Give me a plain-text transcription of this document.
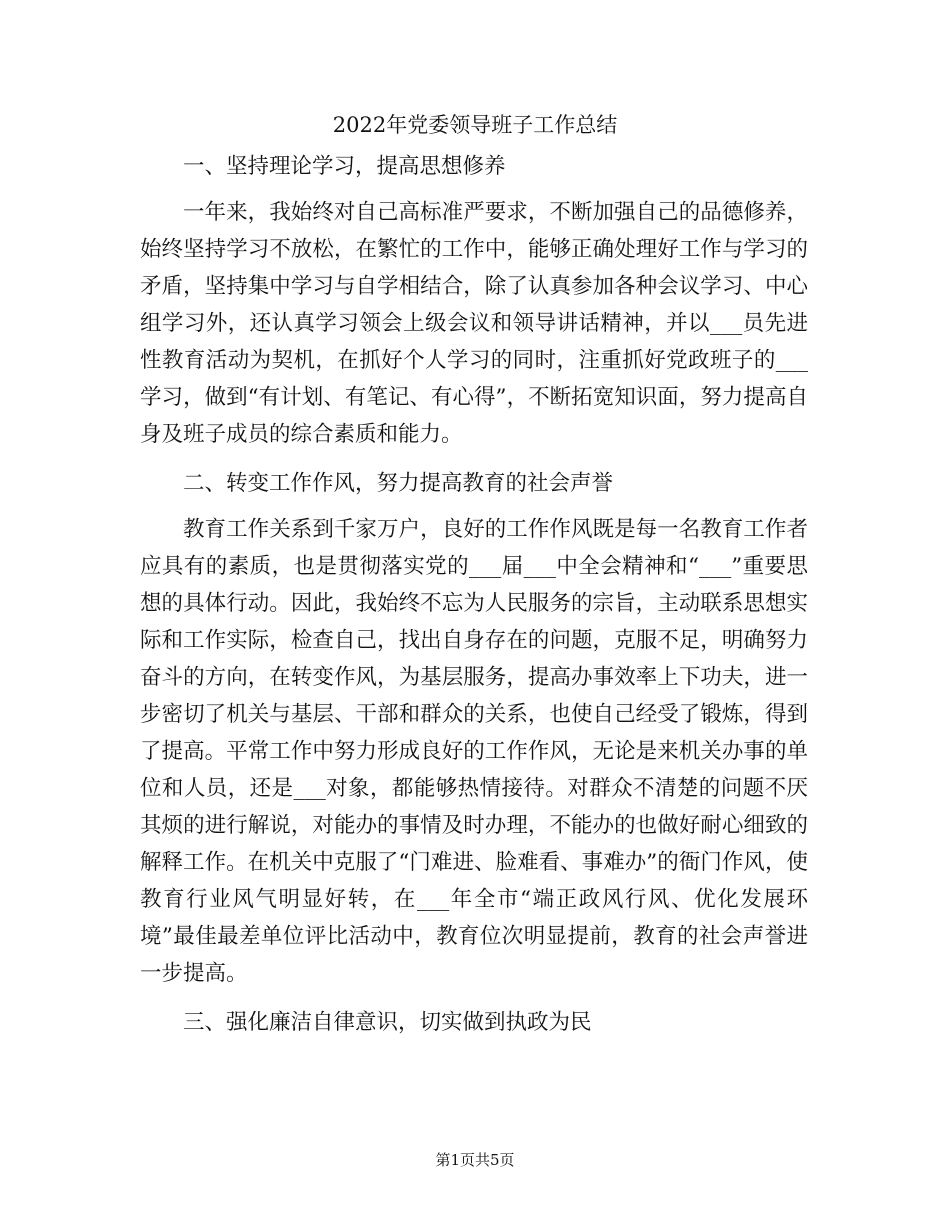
2022年党委领导班子工作总结

一、坚持理论学习，提高思想修养

一年来，我始终对自己高标准严要求，不断加强自己的品德修养，始终坚持学习不放松，在繁忙的工作中，能够正确处理好工作与学习的矛盾，坚持集中学习与自学相结合，除了认真参加各种会议学习、中心组学习外，还认真学习领会上级会议和领导讲话精神，并以___员先进性教育活动为契机，在抓好个人学习的同时，注重抓好党政班子的___学习，做到“有计划、有笔记、有心得”，不断拓宽知识面，努力提高自身及班子成员的综合素质和能力。

二、转变工作作风，努力提高教育的社会声誉

教育工作关系到千家万户，良好的工作作风既是每一名教育工作者应具有的素质，也是贯彻落实党的___届___中全会精神和“___”重要思想的具体行动。因此，我始终不忘为人民服务的宗旨，主动联系思想实际和工作实际，检查自己，找出自身存在的问题，克服不足，明确努力奋斗的方向，在转变作风，为基层服务，提高办事效率上下功夫，进一步密切了机关与基层、干部和群众的关系，也使自己经受了锻炼，得到了提高。平常工作中努力形成良好的工作作风，无论是来机关办事的单位和人员，还是___对象，都能够热情接待。对群众不清楚的问题不厌其烦的进行解说，对能办的事情及时办理，不能办的也做好耐心细致的解释工作。在机关中克服了“门难进、脸难看、事难办”的衙门作风，使教育行业风气明显好转，在___年全市“端正政风行风、优化发展环境”最佳最差单位评比活动中，教育位次明显提前，教育的社会声誉进一步提高。

三、强化廉洁自律意识，切实做到执政为民

第1页共5页
